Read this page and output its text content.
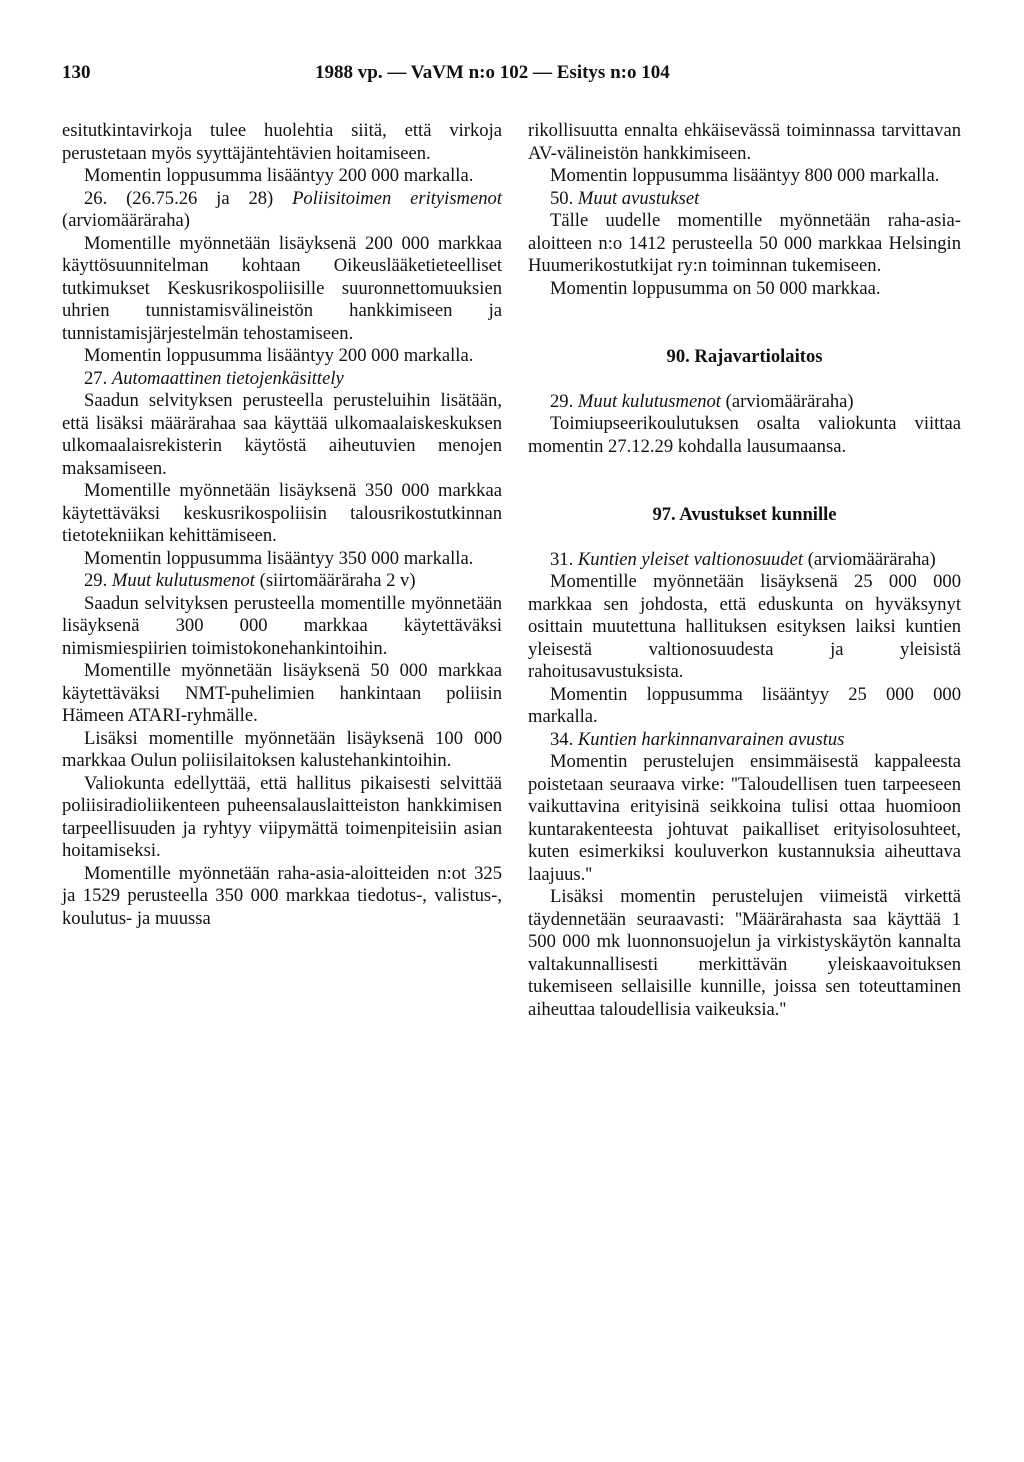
130	1988 vp. — VaVM n:o 102 — Esitys n:o 104

esitutkintavirkoja tulee huolehtia siitä, että virkoja perustetaan myös syyttäjäntehtävien hoitamiseen.

Momentin loppusumma lisääntyy 200 000 markalla.

26. (26.75.26 ja 28) Poliisitoimen erityismenot (arviomääräraha)

Momentille myönnetään lisäyksenä 200 000 markkaa käyttösuunnitelman kohtaan Oikeuslääketieteelliset tutkimukset Keskusrikospoliisille suuronnettomuuksien uhrien tunnistamisvälineistön hankkimiseen ja tunnistamisjärjestelmän tehostamiseen.

Momentin loppusumma lisääntyy 200 000 markalla.

27. Automaattinen tietojenkäsittely

Saadun selvityksen perusteella perusteluihin lisätään, että lisäksi määrärahaa saa käyttää ulkomaalaiskeskuksen ulkomaalaisrekisterin käytöstä aiheutuvien menojen maksamiseen.

Momentille myönnetään lisäyksenä 350 000 markkaa käytettäväksi keskusrikospoliisin talousrikostutkinnan tietotekniikan kehittämiseen.

Momentin loppusumma lisääntyy 350 000 markalla.

29. Muut kulutusmenot (siirtomääräraha 2 v)

Saadun selvityksen perusteella momentille myönnetään lisäyksenä 300 000 markkaa käytettäväksi nimismiespiirien toimistokonehankintoihin.

Momentille myönnetään lisäyksenä 50 000 markkaa käytettäväksi NMT-puhelimien hankintaan poliisin Hämeen ATARI-ryhmälle.

Lisäksi momentille myönnetään lisäyksenä 100 000 markkaa Oulun poliisilaitoksen kalustehankintoihin.

Valiokunta edellyttää, että hallitus pikaisesti selvittää poliisiradioliikenteen puheensalauslaitteiston hankkimisen tarpeellisuuden ja ryhtyy viipymättä toimenpiteisiin asian hoitamiseksi.

Momentille myönnetään raha-asia-aloitteiden n:ot 325 ja 1529 perusteella 350 000 markkaa tiedotus-, valistus-, koulutus- ja muussa

rikollisuutta ennalta ehkäisevässä toiminnassa tarvittavan AV-välineistön hankkimiseen.

Momentin loppusumma lisääntyy 800 000 markalla.

50. Muut avustukset

Tälle uudelle momentille myönnetään raha-asia-aloitteen n:o 1412 perusteella 50 000 markkaa Helsingin Huumerikostutkijat ry:n toiminnan tukemiseen.

Momentin loppusumma on 50 000 markkaa.

90. Rajavartiolaitos

29. Muut kulutusmenot (arviomääräraha)

Toimiupseerikoulutuksen osalta valiokunta viittaa momentin 27.12.29 kohdalla lausumaansa.

97. Avustukset kunnille

31. Kuntien yleiset valtionosuudet (arviomääräraha)

Momentille myönnetään lisäyksenä 25 000 000 markkaa sen johdosta, että eduskunta on hyväksynyt osittain muutettuna hallituksen esityksen laiksi kuntien yleisestä valtionosuudesta ja yleisistä rahoitusavustuksista.

Momentin loppusumma lisääntyy 25 000 000 markalla.

34. Kuntien harkinnanvarainen avustus

Momentin perustelujen ensimmäisestä kappaleesta poistetaan seuraava virke: ''Taloudellisen tuen tarpeeseen vaikuttavina erityisinä seikkoina tulisi ottaa huomioon kuntarakenteesta johtuvat paikalliset erityisolosuhteet, kuten esimerkiksi kouluverkon kustannuksia aiheuttava laajuus.''

Lisäksi momentin perustelujen viimeistä virkettä täydennetään seuraavasti: ''Määrärahasta saa käyttää 1 500 000 mk luonnonsuojelun ja virkistyskäytön kannalta valtakunnallisesti merkittävän yleiskaavoituksen tukemiseen sellaisille kunnille, joissa sen toteuttaminen aiheuttaa taloudellisia vaikeuksia.''
